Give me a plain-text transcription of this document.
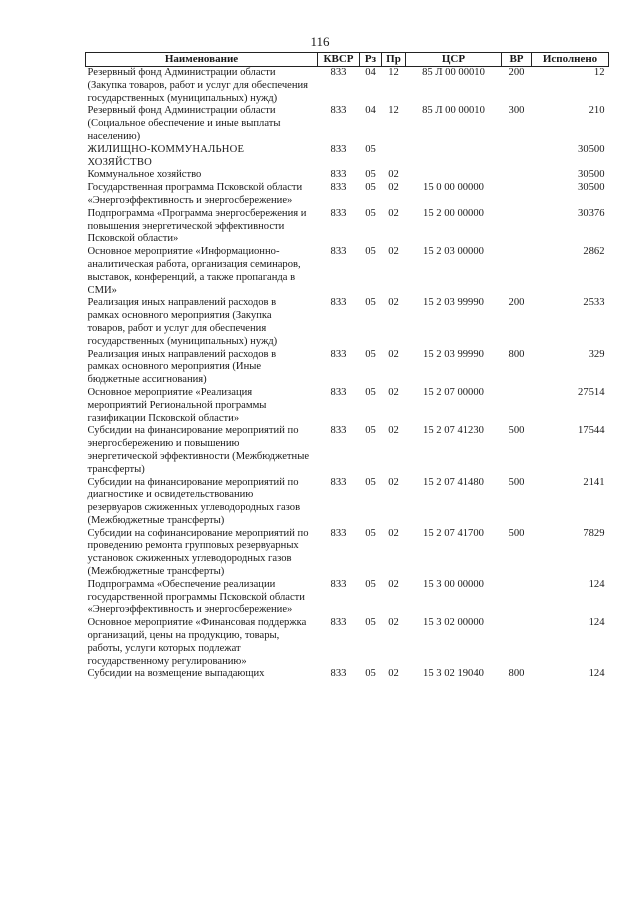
116
Наименование	КВСР	Рз	Пр	ЦСР	ВР	Исполнено
Резервный фонд Администрации области (Закупка товаров, работ и услуг для обеспечения государственных (муниципальных) нужд)	833	04	12	85 Л 00 00010	200	12
Резервный фонд Администрации области (Социальное обеспечение и иные выплаты населению)	833	04	12	85 Л 00 00010	300	210
ЖИЛИЩНО-КОММУНАЛЬНОЕ ХОЗЯЙСТВО	833	05				30500
Коммунальное хозяйство	833	05	02			30500
Государственная программа Псковской области «Энергоэффективность и энергосбережение»	833	05	02	15 0 00 00000		30500
Подпрограмма «Программа энергосбережения и повышения энергетической эффективности Псковской области»	833	05	02	15 2 00 00000		30376
Основное мероприятие «Информационно-аналитическая работа, организация семинаров, выставок, конференций, а также пропаганда в СМИ»	833	05	02	15 2 03 00000		2862
Реализация иных направлений расходов в рамках основного мероприятия (Закупка товаров, работ и услуг для обеспечения государственных (муниципальных) нужд)	833	05	02	15 2 03 99990	200	2533
Реализация иных направлений расходов в рамках основного мероприятия (Иные бюджетные ассигнования)	833	05	02	15 2 03 99990	800	329
Основное мероприятие «Реализация мероприятий Региональной программы газификации Псковской области»	833	05	02	15 2 07 00000		27514
Субсидии на финансирование мероприятий по энергосбережению и повышению энергетической эффективности (Межбюджетные трансферты)	833	05	02	15 2 07 41230	500	17544
Субсидии на финансирование мероприятий по диагностике и освидетельствованию резервуаров сжиженных углеводородных газов (Межбюджетные трансферты)	833	05	02	15 2 07 41480	500	2141
Субсидии на софинансирование мероприятий по проведению ремонта групповых резервуарных установок сжиженных углеводородных газов (Межбюджетные трансферты)	833	05	02	15 2 07 41700	500	7829
Подпрограмма «Обеспечение реализации государственной программы Псковской области «Энергоэффективность и энергосбережение»	833	05	02	15 3 00 00000		124
Основное мероприятие «Финансовая поддержка организаций, цены на продукцию, товары, работы, услуги которых подлежат государственному регулированию»	833	05	02	15 3 02 00000		124
Субсидии на возмещение выпадающих	833	05	02	15 3 02 19040	800	124
